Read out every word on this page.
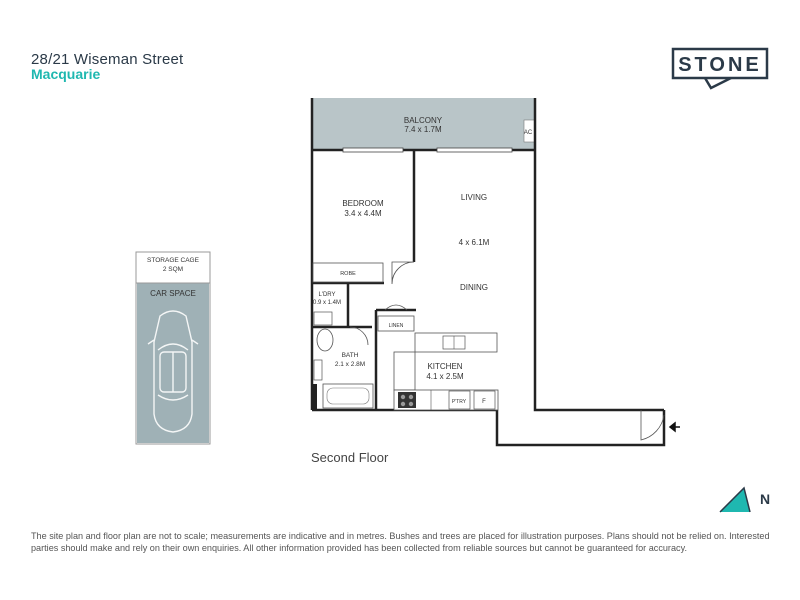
28/21 Wiseman Street
Macquarie	STONE
STORAGE CAGE
2 SQM
CAR SPACE
AC
BALCONY
7.4 x 1.7M
ROBE
LINEN
P'TRY	F
BEDROOM
3.4 x 4.4M
LIVING
4 x 6.1M
DINING
L'DRY
0.9 x 1.4M
BATH
2.1 x 2.8M	KITCHEN
4.1 x 2.5M
N
Second Floor
The site plan and floor plan are not to scale; measurements are indicative and in metres. Bushes and trees are placed for illustration purposes. Plans should not be relied on. Interested parties should make and rely on their own enquiries. All other information provided has been collected from reliable sources but cannot be guaranteed for accuracy.
